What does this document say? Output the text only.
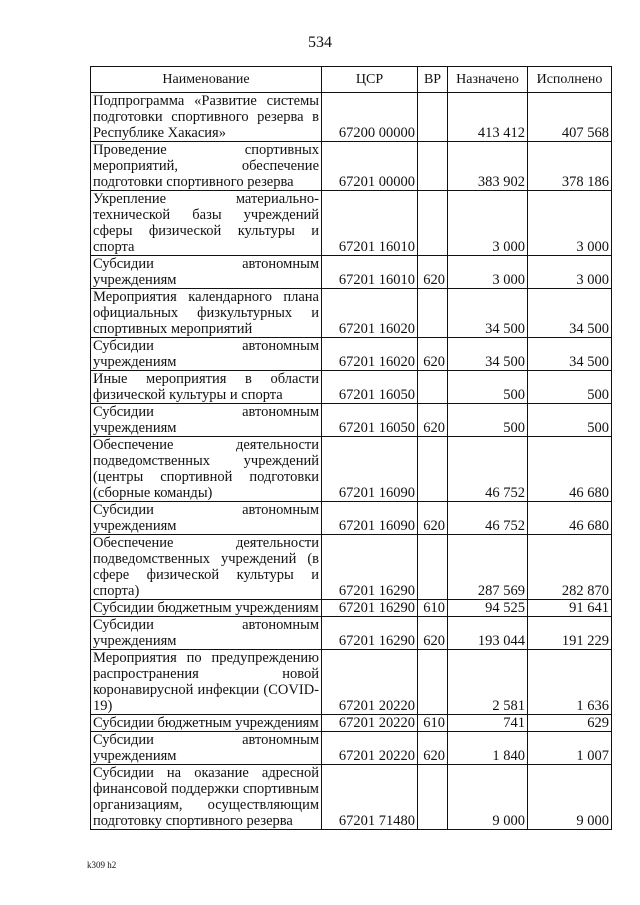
534
Наименование	ЦСР	ВР	Назначено	Исполнено
Подпрограмма «Развитие системы подготовки спортивного резерва в Республике Хакасия»	67200 00000		413 412	407 568
Проведение спортивных мероприятий, обеспечение подготовки спортивного резерва	67201 00000		383 902	378 186
Укрепление материально-технической базы учреждений сферы физической культуры и спорта	67201 16010		3 000	3 000
Субсидии автономным учреждениям	67201 16010	620	3 000	3 000
Мероприятия календарного плана официальных физкультурных и спортивных мероприятий	67201 16020		34 500	34 500
Субсидии автономным учреждениям	67201 16020	620	34 500	34 500
Иные мероприятия в области физической культуры и спорта	67201 16050		500	500
Субсидии автономным учреждениям	67201 16050	620	500	500
Обеспечение деятельности подведомственных учреждений (центры спортивной подготовки (сборные команды)	67201 16090		46 752	46 680
Субсидии автономным учреждениям	67201 16090	620	46 752	46 680
Обеспечение деятельности подведомственных учреждений (в сфере физической культуры и спорта)	67201 16290		287 569	282 870
Субсидии бюджетным учреждениям	67201 16290	610	94 525	91 641
Субсидии автономным учреждениям	67201 16290	620	193 044	191 229
Мероприятия по предупреждению распространения новой коронавирусной инфекции (COVID-19)	67201 20220		2 581	1 636
Субсидии бюджетным учреждениям	67201 20220	610	741	629
Субсидии автономным учреждениям	67201 20220	620	1 840	1 007
Субсидии на оказание адресной финансовой поддержки спортивным организациям, осуществляющим подготовку спортивного резерва	67201 71480		9 000	9 000
k309 h2
